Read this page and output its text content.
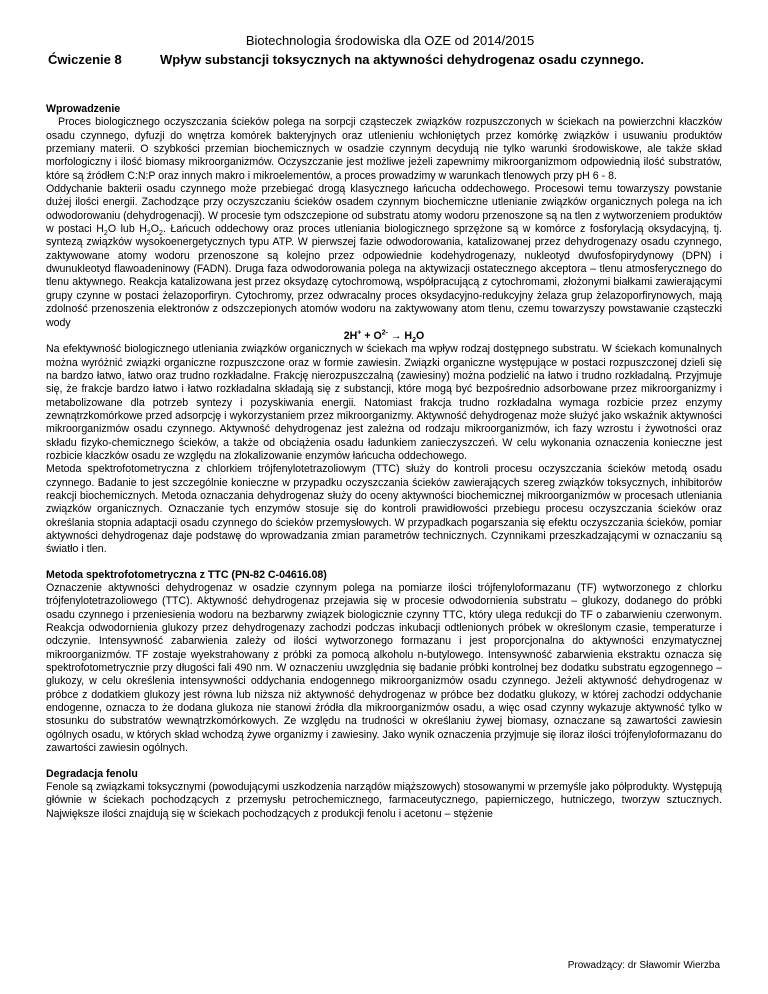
Biotechnologia środowiska dla OZE od 2014/2015

Ćwiczenie 8	Wpływ substancji toksycznych na aktywności dehydrogenaz osadu czynnego.
Wprowadzenie

Proces biologicznego oczyszczania ścieków polega na sorpcji cząsteczek związków rozpuszczonych w ściekach na powierzchni kłaczków osadu czynnego, dyfuzji do wnętrza komórek bakteryjnych oraz utlenieniu wchłoniętych przez komórkę związków i usuwaniu produktów przemiany materii. O szybkości przemian biochemicznych w osadzie czynnym decydują nie tylko warunki środowiskowe, ale także skład morfologiczny i ilość biomasy mikroorganizmów. Oczyszczanie jest możliwe jeżeli zapewnimy mikroorganizmom odpowiednią ilość substratów, które są źródłem C:N:P oraz innych makro i mikroelementów, a proces prowadzimy w warunkach tlenowych przy pH 6 - 8.

Oddychanie bakterii osadu czynnego może przebiegać drogą klasycznego łańcucha oddechowego. Procesowi temu towarzyszy powstanie dużej ilości energii. Zachodzące przy oczyszczaniu ścieków osadem czynnym biochemiczne utlenianie związków organicznych polega na ich odwodorowaniu (dehydrogenacji). W procesie tym odszczepione od substratu atomy wodoru przenoszone są na tlen z wytworzeniem produktów w postaci $H_2O$ lub $H_2O_2$. Łańcuch oddechowy oraz proces utleniania biologicznego sprzężone są w komórce z fosforylacją oksydacyjną, tj. syntezą związków wysokoenergetycznych typu ATP. W pierwszej fazie odwodorowania, katalizowanej przez dehydrogenazy osadu czynnego, zaktywowane atomy wodoru przenoszone są kolejno przez odpowiednie kodehydrogenazy, nukleotyd dwufosfopirydynowy (DPN) i dwunukleotyd flawoadeninowy (FADN). Druga faza odwodorowania polega na aktywizacji ostatecznego akceptora – tlenu atmosferycznego do tlenu aktywnego. Reakcja katalizowana jest przez oksydazę cytochromową, współpracującą z cytochromami, złożonymi białkami zawierającymi grupy czynne w postaci żelazoporfiryn. Cytochromy, przez odwracalny proces oksydacyjno-redukcyjny żelaza grup żelazoporfirynowych, mają zdolność przenoszenia elektronów z odszczepionych atomów wodoru na zaktywowany atom tlenu, czemu towarzyszy powstawanie cząsteczki wody

$2H^+ + O^{2-} \to H_2O$

Na efektywność biologicznego utleniania związków organicznych w ściekach ma wpływ rodzaj dostępnego substratu. W ściekach komunalnych można wyróżnić związki organiczne rozpuszczone oraz w formie zawiesin. Związki organiczne występujące w postaci rozpuszczonej dzieli się na bardzo łatwo, łatwo oraz trudno rozkładalne. Frakcję nierozpuszczalną (zawiesiny) można podzielić na łatwo i trudno rozkładalną. Przyjmuje się, że frakcje bardzo łatwo i łatwo rozkładalna składają się z substancji, które mogą być bezpośrednio adsorbowane przez mikroorganizmy i metabolizowane dla potrzeb syntezy i pozyskiwania energii. Natomiast frakcja trudno rozkładalna wymaga rozbicie przez enzymy zewnątrzkomórkowe przed adsorpcję i wykorzystaniem przez mikroorganizmy. Aktywność dehydrogenaz może służyć jako wskaźnik aktywności mikroorganizmów osadu czynnego. Aktywność dehydrogenaz jest zależna od rodzaju mikroorganizmów, ich fazy wzrostu i żywotności oraz składu fizyko-chemicznego ścieków, a także od obciążenia osadu ładunkiem zanieczyszczeń. W celu wykonania oznaczenia konieczne jest rozbicie kłaczków osadu ze względu na zlokalizowanie enzymów łańcucha oddechowego.

Metoda spektrofotometryczna z chlorkiem trójfenylotetrazoliowym (TTC) służy do kontroli procesu oczyszczania ścieków metodą osadu czynnego. Badanie to jest szczególnie konieczne w przypadku oczyszczania ścieków zawierających szereg związków toksycznych, inhibitorów reakcji biochemicznych. Metoda oznaczania dehydrogenaz służy do oceny aktywności biochemicznej mikroorganizmów w procesach utleniania związków organicznych. Oznaczanie tych enzymów stosuje się do kontroli prawidłowości przebiegu procesu oczyszczania ścieków oraz określania stopnia adaptacji osadu czynnego do ścieków przemysłowych. W przypadkach pogarszania się efektu oczyszczania ścieków, pomiar aktywności dehydrogenaz daje podstawę do wprowadzania zmian parametrów technicznych. Czynnikami przeszkadzającymi w oznaczaniu są światło i tlen.

Metoda spektrofotometryczna z TTC (PN-82 C-04616.08)

Oznaczenie aktywności dehydrogenaz w osadzie czynnym polega na pomiarze ilości trójfenyloformazanu (TF) wytworzonego z chlorku trójfenylotetrazoliowego (TTC). Aktywność dehydrogenaz przejawia się w procesie odwodornienia substratu – glukozy, dodanego do próbki osadu czynnego i przeniesienia wodoru na bezbarwny związek biologicznie czynny TTC, który ulega redukcji do TF o zabarwieniu czerwonym. Reakcja odwodornienia glukozy przez dehydrogenazy zachodzi podczas inkubacji odtlenionych próbek w określonym czasie, temperaturze i odczynie. Intensywność zabarwienia zależy od ilości wytworzonego formazanu i jest proporcjonalna do aktywności enzymatycznej mikroorganizmów. TF zostaje wyekstrahowany z próbki za pomocą alkoholu n-butylowego. Intensywność zabarwienia ekstraktu oznacza się spektrofotometrycznie przy długości fali 490 nm. W oznaczeniu uwzględnia się badanie próbki kontrolnej bez dodatku substratu egzogennego – glukozy, w celu określenia intensywności oddychania endogennego mikroorganizmów osadu czynnego. Jeżeli aktywność dehydrogenaz w próbce z dodatkiem glukozy jest równa lub niższa niż aktywność dehydrogenaz w próbce bez dodatku glukozy, w której zachodzi oddychanie endogenne, oznacza to że dodana glukoza nie stanowi źródła dla mikroorganizmów osadu, a więc osad czynny wykazuje aktywność tylko w stosunku do substratów wewnątrzkomórkowych. Ze względu na trudności w określaniu żywej biomasy, oznaczane są zawartości zawiesin ogólnych osadu, w których skład wchodzą żywe organizmy i zawiesiny. Jako wynik oznaczenia przyjmuje się iloraz ilości trójfenyloformazanu do zawartości zawiesin ogólnych.

Degradacja fenolu

Fenole są związkami toksycznymi (powodującymi uszkodzenia narządów miąższowych) stosowanymi w przemyśle jako półprodukty. Występują głównie w ściekach pochodzących z przemysłu petrochemicznego, farmaceutycznego, papierniczego, hutniczego, tworzyw sztucznych. Największe ilości znajdują się w ściekach pochodzących z produkcji fenolu i acetonu – stężenie

Prowadzący: dr Sławomir Wierzba
